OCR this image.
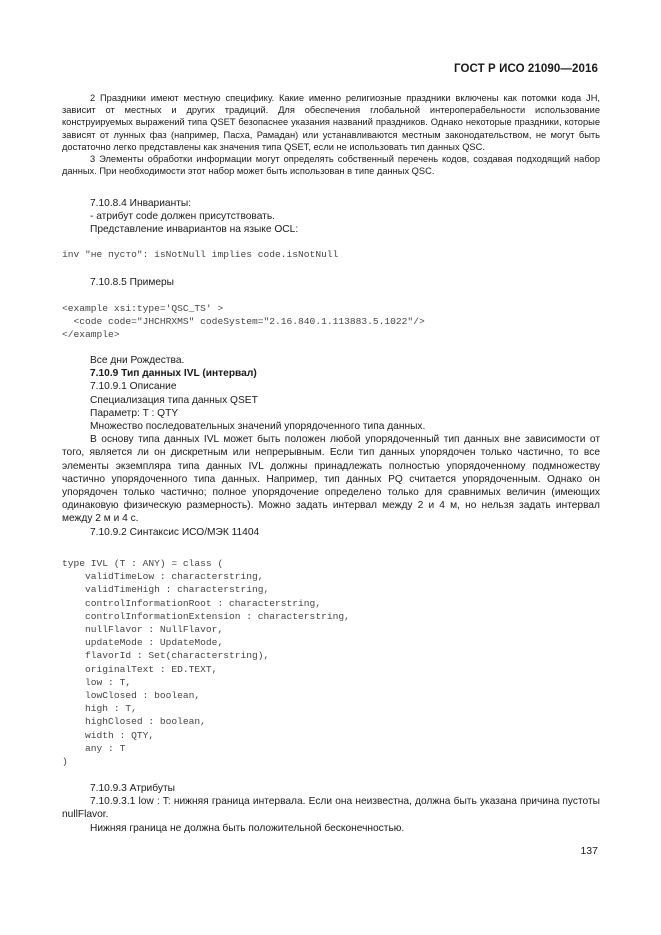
ГОСТ Р ИСО 21090—2016

2 Праздники имеют местную специфику. Какие именно религиозные праздники включены как потомки кода JH, зависит от местных и других традиций. Для обеспечения глобальной интероперабельности использование конструируемых выражений типа QSET безопаснее указания названий праздников. Однако некоторые праздники, которые зависят от лунных фаз (например, Пасха, Рамадан) или устанавливаются местным законодательством, не могут быть достаточно легко представлены как значения типа QSET, если не использовать тип данных QSC.

3 Элементы обработки информации могут определять собственный перечень кодов, создавая подходящий набор данных. При необходимости этот набор может быть использован в типе данных QSC.

7.10.8.4 Инварианты:

- атрибут code должен присутствовать.

Представление инвариантов на языке OCL:

inv "не пусто": isNotNull implies code.isNotNull

7.10.8.5 Примеры

<example xsi:type='QSC_TS' >
<code code="JHCHRXMS" codeSystem="2.16.840.1.113883.5.1022"/>
</example>

Все дни Рождества.

7.10.9 Тип данных IVL (интервал)

7.10.9.1 Описание

Специализация типа данных QSET

Параметр: T : QTY

Множество последовательных значений упорядоченного типа данных.

В основу типа данных IVL может быть положен любой упорядоченный тип данных вне зависимости от того, является ли он дискретным или непрерывным. Если тип данных упорядочен только частично, то все элементы экземпляра типа данных IVL должны принадлежать полностью упорядоченному подмножеству частично упорядоченного типа данных. Например, тип данных PQ считается упорядоченным. Однако он упорядочен только частично; полное упорядочение определено только для сравнимых величин (имеющих одинаковую физическую размерность). Можно задать интервал между 2 и 4 м, но нельзя задать интервал между 2 м и 4 с.

7.10.9.2 Синтаксис ИСО/МЭК 11404

type IVL (T : ANY) = class (
validTimeLow : characterstring,
validTimeHigh : characterstring,
controlInformationRoot : characterstring,
controlInformationExtension : characterstring,
nullFlavor : NullFlavor,
updateMode : UpdateMode,
flavorId : Set(characterstring),
originalText : ED.TEXT,
low : T,
lowClosed : boolean,
high : T,
highClosed : boolean,
width : QTY,
any : T
)

7.10.9.3 Атрибуты

7.10.9.3.1 low : T: нижняя граница интервала. Если она неизвестна, должна быть указана причина пустоты nullFlavor.

Нижняя граница не должна быть положительной бесконечностью.

137
